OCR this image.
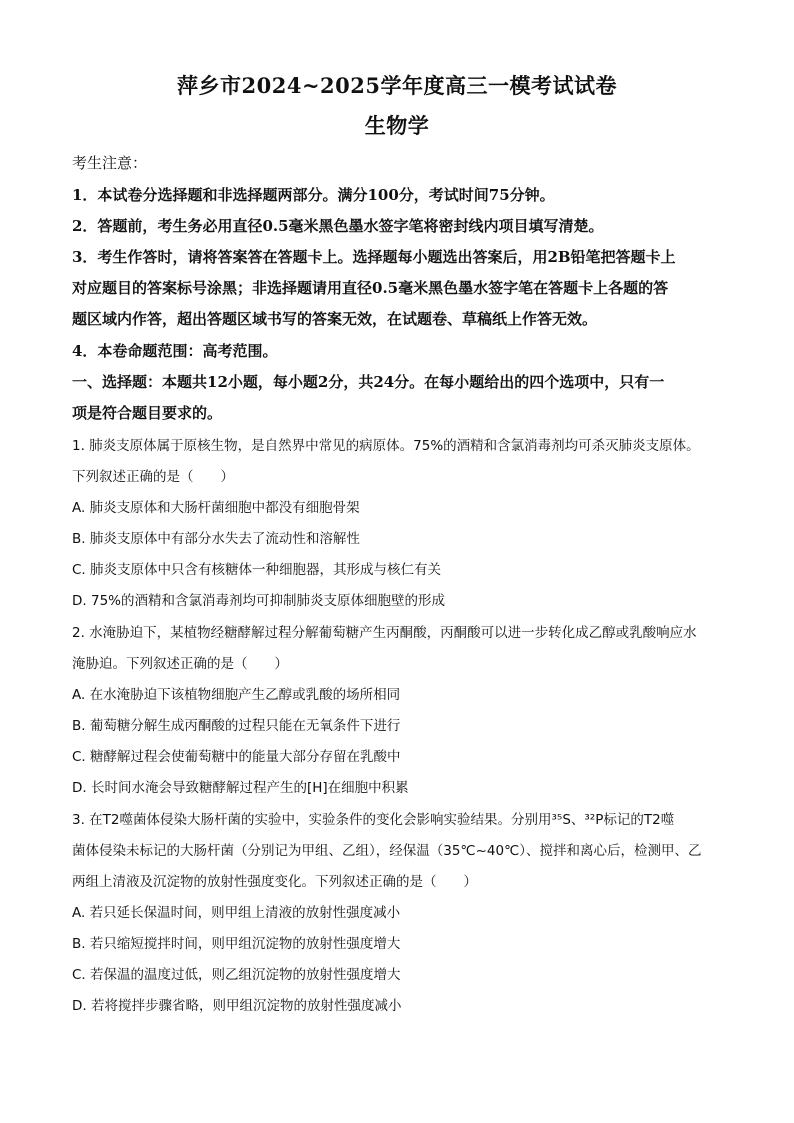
萍乡市2024~2025学年度高三一模考试试卷
生物学
考生注意：
1．本试卷分选择题和非选择题两部分。满分100分，考试时间75分钟。
2．答题前，考生务必用直径0.5毫米黑色墨水签字笔将密封线内项目填写清楚。
3．考生作答时，请将答案答在答题卡上。选择题每小题选出答案后，用2B铅笔把答题卡上
对应题目的答案标号涂黑；非选择题请用直径0.5毫米黑色墨水签字笔在答题卡上各题的答
题区域内作答，超出答题区域书写的答案无效，在试题卷、草稿纸上作答无效。
4．本卷命题范围：高考范围。
一、选择题：本题共12小题，每小题2分，共24分。在每小题给出的四个选项中，只有一
项是符合题目要求的。
1. 肺炎支原体属于原核生物，是自然界中常见的病原体。75%的酒精和含氯消毒剂均可杀灭肺炎支原体。
下列叙述正确的是（　　）
A. 肺炎支原体和大肠杆菌细胞中都没有细胞骨架
B. 肺炎支原体中有部分水失去了流动性和溶解性
C. 肺炎支原体中只含有核糖体一种细胞器，其形成与核仁有关
D. 75%的酒精和含氯消毒剂均可抑制肺炎支原体细胞壁的形成
2. 水淹胁迫下，某植物经糖酵解过程分解葡萄糖产生丙酮酸，丙酮酸可以进一步转化成乙醇或乳酸响应水
淹胁迫。下列叙述正确的是（　　）
A. 在水淹胁迫下该植物细胞产生乙醇或乳酸的场所相同
B. 葡萄糖分解生成丙酮酸的过程只能在无氧条件下进行
C. 糖酵解过程会使葡萄糖中的能量大部分存留在乳酸中
D. 长时间水淹会导致糖酵解过程产生的[H]在细胞中积累
3. 在T2噬菌体侵染大肠杆菌的实验中，实验条件的变化会影响实验结果。分别用³⁵S、³²P标记的T2噬
菌体侵染未标记的大肠杆菌（分别记为甲组、乙组），经保温（35℃~40℃）、搅拌和离心后，检测甲、乙
两组上清液及沉淀物的放射性强度变化。下列叙述正确的是（　　）
A. 若只延长保温时间，则甲组上清液的放射性强度减小
B. 若只缩短搅拌时间，则甲组沉淀物的放射性强度增大
C. 若保温的温度过低，则乙组沉淀物的放射性强度增大
D. 若将搅拌步骤省略，则甲组沉淀物的放射性强度减小
